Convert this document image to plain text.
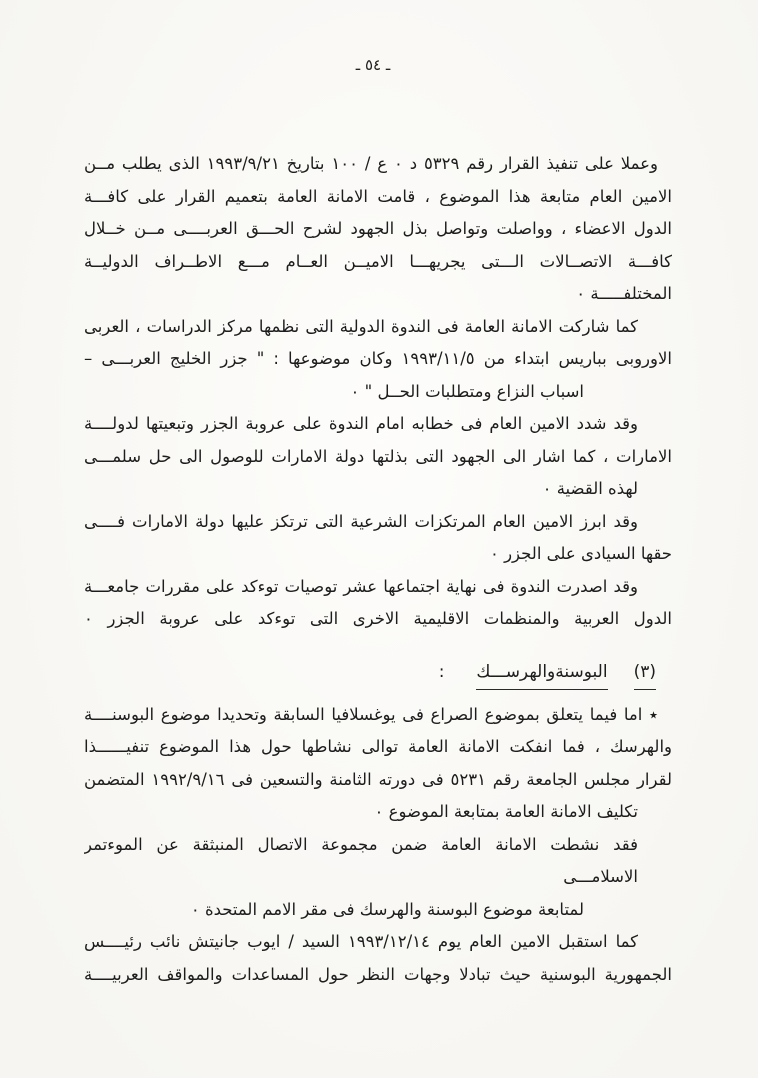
ـ ٥٤ ـ
وعملا على تنفيذ القرار رقم ٥٣٢٩ د ٠ ع / ١٠٠ بتاريخ ١٩٩٣/٩/٢١ الذى يطلب مــن
الامين العام متابعة هذا الموضوع ، قامت الامانة العامة بتعميم القرار على كافـــة
الدول الاعضاء ، وواصلت وتواصل بذل الجهود لشرح الحـــق العربــــى مــن خــلال
كافـــة الاتصــالات الـــتى يجريهـــا الاميــن العــام مـــع الاطــراف الدوليــة
المختلفـــــة ٠
كما شاركت الامانة العامة فى الندوة الدولية التى نظمها مركز الدراسات ، العربى
الاوروبى بباريس ابتداء من ١٩٩٣/١١/٥ وكان موضوعها : " جزر الخليج العربـــى –
اسباب النزاع ومتطلبات الحــل " ٠
وقد شدد الامين العام فى خطابه امام الندوة على عروبة الجزر وتبعيتها لدولــــة
الامارات ، كما اشار الى الجهود التى بذلتها دولة الامارات للوصول الى حل سلمـــى
لهذه القضية ٠
وقد ابرز الامين العام المرتكزات الشرعية التى ترتكز عليها دولة الامارات فــــى
حقها السيادى على الجزر ٠
وقد اصدرت الندوة فى نهاية اجتماعها عشر توصيات توءكد على مقررات جامعـــة
الدول العربية والمنظمات الاقليمية الاخرى التى توءكد على عروبة الجزر ٠
(٣)
البوسنةوالهرســـك
:
٭ اما فيما يتعلق بموضوع الصراع فى يوغسلافيا السابقة وتحديدا موضوع البوسنــــة
والهرسك ، فما انفكت الامانة العامة توالى نشاطها حول هذا الموضوع تنفيــــــذا
لقرار مجلس الجامعة رقم ٥٢٣١ فى دورته الثامنة والتسعين فى ١٩٩٢/٩/١٦ المتضمن
تكليف الامانة العامة بمتابعة الموضوع ٠
فقد نشطت الامانة العامة ضمن مجموعة الاتصال المنبثقة عن الموءتمر الاسلامـــى
لمتابعة موضوع البوسنة والهرسك فى مقر الامم المتحدة ٠
كما استقبل الامين العام يوم ١٩٩٣/١٢/١٤ السيد / ايوب جانيتش نائب رئيــــس
الجمهورية البوسنية حيث تبادلا وجهات النظر حول المساعدات والمواقف العربيــــة
